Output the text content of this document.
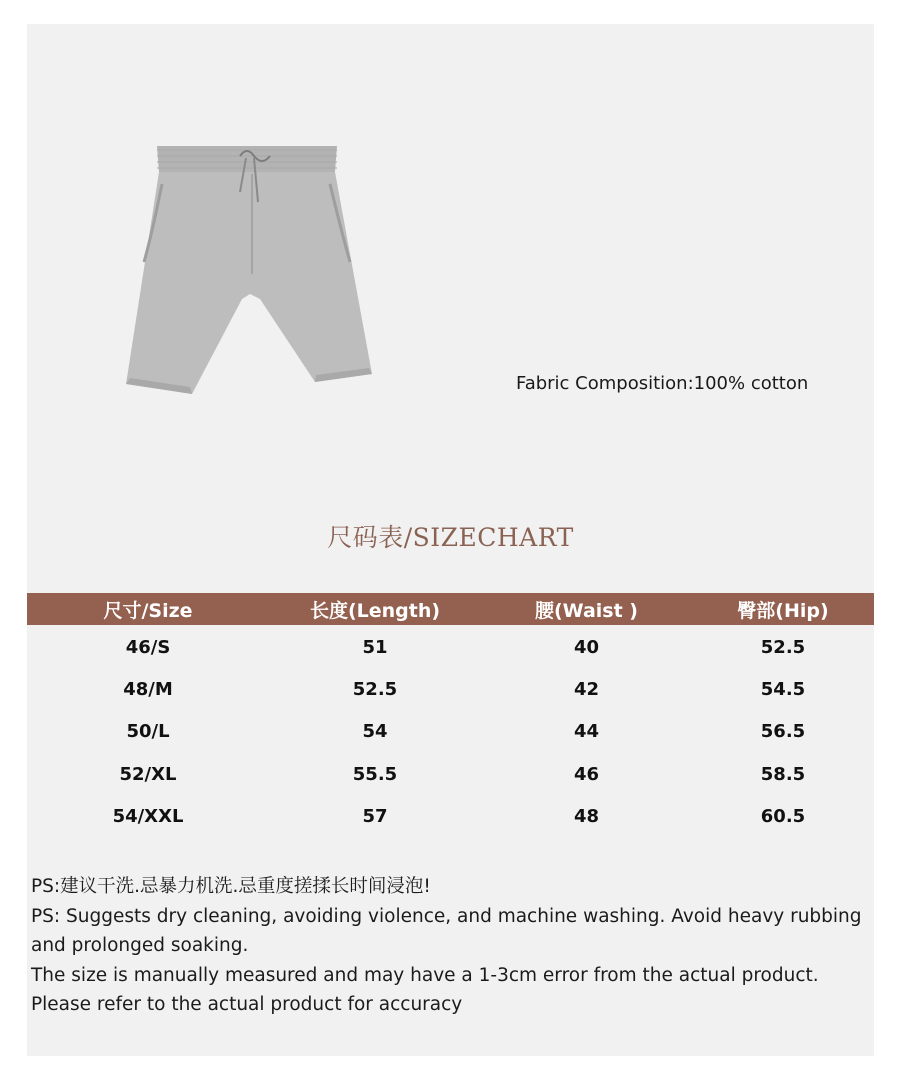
Fabric Composition:100% cotton
尺码表/SIZECHART
尺寸/Size	长度(Length)	腰(Waist )	臀部(Hip)
46/S	51	40	52.5
48/M	52.5	42	54.5
50/L	54	44	56.5
52/XL	55.5	46	58.5
54/XXL	57	48	60.5

PS:建议干洗.忌暴力机洗.忌重度搓揉长时间浸泡!

PS: Suggests dry cleaning, avoiding violence, and machine washing. Avoid heavy rubbing and prolonged soaking.

The size is manually measured and may have a 1-3cm error from the actual product. Please refer to the actual product for accuracy
